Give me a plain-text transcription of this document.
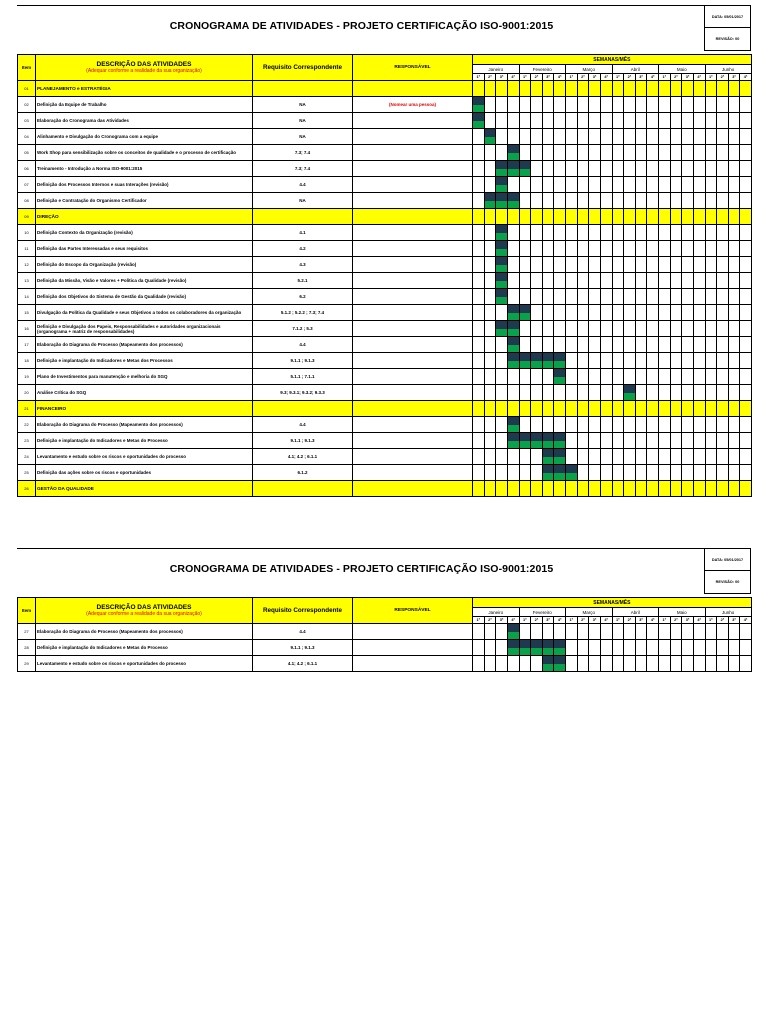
CRONOGRAMA DE ATIVIDADES - PROJETO CERTIFICAÇÃO ISO-9001:2015
DATA: 05/01/2017
REVISÃO: 00
Item	DESCRIÇÃO DAS ATIVIDADES
(Adequar conforme a realidade da sua organização)	Requisito Correspondente	RESPONSÁVEL	SEMANAS/MÊS																							
				Janeiro				Fevereiro				Março				Abril				Maio				Junho			
				1ª	2ª	3ª	4ª	1ª	2ª	3ª	4ª	1ª	2ª	3ª	4ª	1ª	2ª	3ª	4ª	1ª	2ª	3ª	4ª	1ª	2ª	3ª	4ª
01	PLANEJAMENTO e ESTRATÉGIA																										
02	Definição da Equipe de Trabalho	NA	(Nomear uma pessoa)																								
03	Elaboração do Cronograma das Atividades	NA																									
04	Alinhamento e Divulgação do Cronograma com a equipe	NA																									
05	Work Shop para sensibilização sobre os conceitos de qualidade e o processo de certificação	7.3; 7.4																									
06	Treinamento - Introdução a Norma ISO-9001:2015	7.3; 7.4																									
07	Definição dos Processos Internos e suas Interações (revisão)	4.4																									
08	Definição e Contratação do Organismo Certificador	NA																									
09	DIREÇÃO																										
10	Definição Contexto da Organização (revisão)	4.1																									
11	Definição das Partes Interessadas e seus requisitos	4.2																									
12	Definição do Escopo da Organização (revisão)	4.3																									
13	Definição da Missão, Visão e Valores + Política da Qualidade (revisão)	5.2.1																									
14	Definição dos Objetivos do Sistema de Gestão da Qualidade (revisão)	6.2																									
15	Divulgação da Política da Qualidade e seus Objetivos a todos os colaboradores da organização	5.1.2 ; 5.2.2 ; 7.3; 7.4																									
16	Definição e Divulgação dos Papeis, Responsabilidades e autoridades organizacionais (organograma + matriz de responsabilidades)	7.1.2 ; 5.3																									
17	Elaboração do Diagrama do Processo (Mapeamento dos processos)	4.4																									
18	Definição e implantação do Indicadores e Metas dos Processos	9.1.1 ; 9.1.3																									
19	Plano de Investimentos para manutenção e melhoria do SGQ	5.1.1 ; 7.1.1																									
20	Análise Crítica do SGQ	9.3; 9.3.1; 9.3.2; 9.3.3																									
21	FINANCEIRO																										
22	Elaboração do Diagrama do Processo (Mapeamento dos processos)	4.4																									
23	Definição e implantação do Indicadores e Metas do Processo	9.1.1 ; 9.1.3																									
24	Levantamento e estudo sobre os riscos e oportunidades do processo	4.1; 4.2 ; 6.1.1																									
25	Definição das ações sobre os riscos e oportunidades	6.1.2																									
26	GESTÃO DA QUALIDADE																										
CRONOGRAMA DE ATIVIDADES - PROJETO CERTIFICAÇÃO ISO-9001:2015
DATA: 05/01/2017
REVISÃO: 00
Item	DESCRIÇÃO DAS ATIVIDADES
(Adequar conforme a realidade da sua organização)	Requisito Correspondente	RESPONSÁVEL	SEMANAS/MÊS																							
				Janeiro				Fevereiro				Março				Abril				Maio				Junho			
				1ª	2ª	3ª	4ª	1ª	2ª	3ª	4ª	1ª	2ª	3ª	4ª	1ª	2ª	3ª	4ª	1ª	2ª	3ª	4ª	1ª	2ª	3ª	4ª
27	Elaboração do Diagrama do Processo (Mapeamento dos processos)	4.4																									
28	Definição e implantação do Indicadores e Metas do Processo	9.1.1 ; 9.1.3																									
29	Levantamento e estudo sobre os riscos e oportunidades do processo	4.1; 4.2 ; 6.1.1																									
